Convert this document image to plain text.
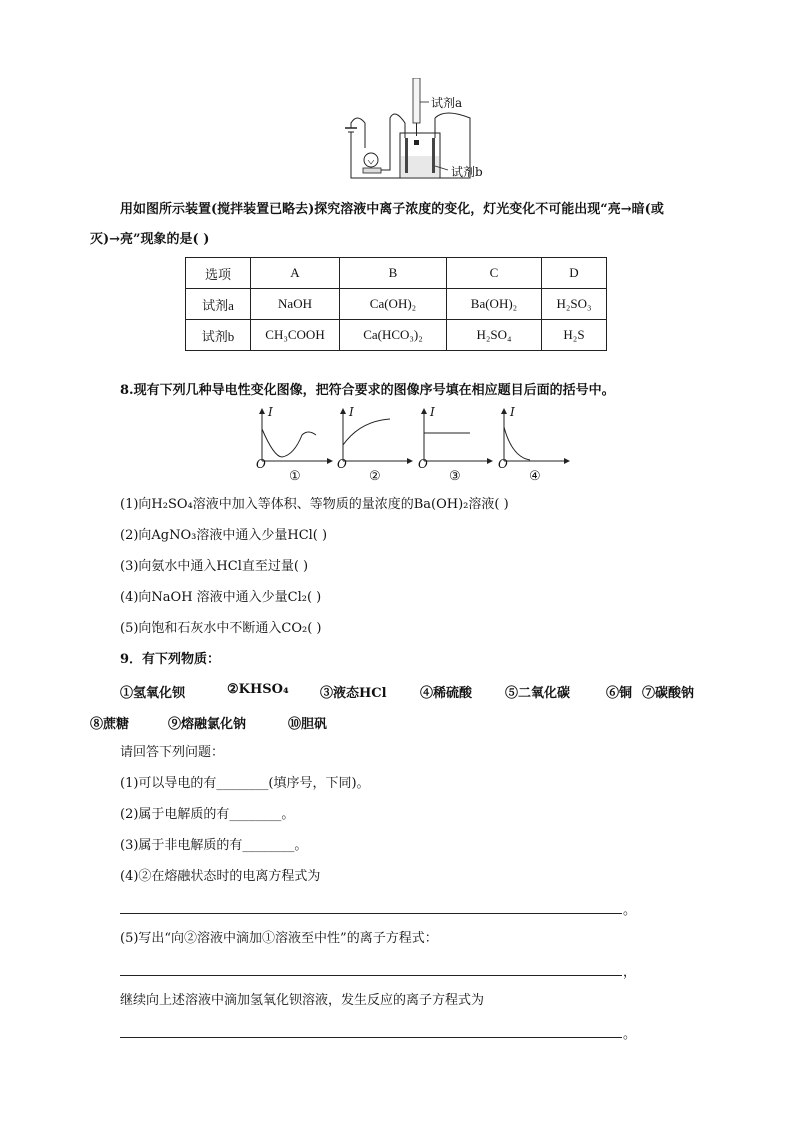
试剂a
试剂b
用如图所示装置(搅拌装置已略去)探究溶液中离子浓度的变化，灯光变化不可能出现“亮→暗(或
灭)→亮”现象的是( )
选项	A	B	C	D
试剂a	NaOH	Ca(OH)₂	Ba(OH)₂	H₂SO₃
试剂b	CH₃COOH	Ca(HCO₃)₂	H₂SO₄	H₂S
8.现有下列几种导电性变化图像，把符合要求的图像序号填在相应题目后面的括号中。
I	I	I	I
O	O	O	O
①	②	③	④
(1)向H₂SO₄溶液中加入等体积、等物质的量浓度的Ba(OH)₂溶液( )
(2)向AgNO₃溶液中通入少量HCl( )
(3)向氨水中通入HCl直至过量( )
(4)向NaOH 溶液中通入少量Cl₂( )
(5)向饱和石灰水中不断通入CO₂( )
9．有下列物质：
①氢氧化钡	②KHSO₄ ③液态HCl	④稀硫酸	⑤二氧化碳	⑥铜 ⑦碳酸钠
⑧蔗糖	⑨熔融氯化钠	⑩胆矾
请回答下列问题：
(1)可以导电的有________(填序号，下同)。
(2)属于电解质的有________。
(3)属于非电解质的有________。
(4)②在熔融状态时的电离方程式为
。
(5)写出“向②溶液中滴加①溶液至中性”的离子方程式：
，
继续向上述溶液中滴加氢氧化钡溶液，发生反应的离子方程式为
。
